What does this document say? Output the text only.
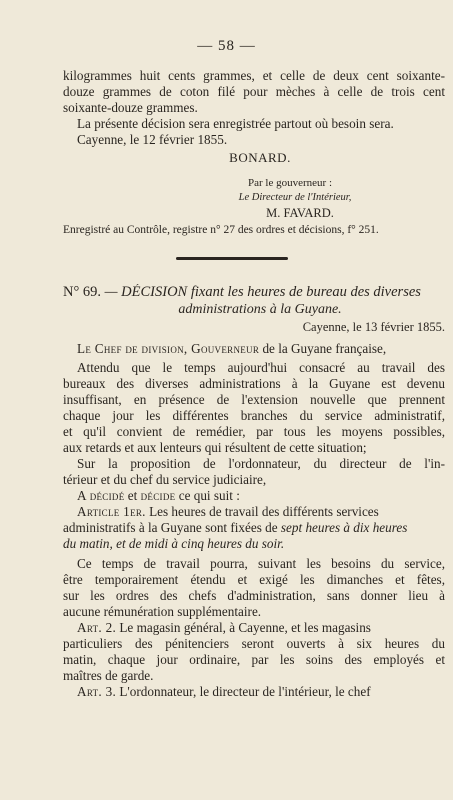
— 58 —
kilogrammes huit cents grammes, et celle de deux cent soixante-
douze grammes de coton filé pour mèches à celle de trois cent
soixante-douze grammes.
La présente décision sera enregistrée partout où besoin sera.
Cayenne, le 12 février 1855.
BONARD.
Par le gouverneur :
Le Directeur de l'Intérieur,
M. FAVARD.
Enregistré au Contrôle, registre n° 27 des ordres et décisions, f° 251.
N° 69. — DÉCISION fixant les heures de bureau des diverses
administrations à la Guyane.
Cayenne, le 13 février 1855.
Le Chef de division, Gouverneur de la Guyane française,
Attendu que le temps aujourd'hui consacré au travail des
bureaux des diverses administrations à la Guyane est devenu
insuffisant, en présence de l'extension nouvelle que prennent
chaque jour les différentes branches du service administratif,
et qu'il convient de remédier, par tous les moyens possibles,
aux retards et aux lenteurs qui résultent de cette situation;
Sur la proposition de l'ordonnateur, du directeur de l'in-
térieur et du chef du service judiciaire,
A décidé et décide ce qui suit :
Article 1er. Les heures de travail des différents services
administratifs à la Guyane sont fixées de sept heures à dix heures
du matin, et de midi à cinq heures du soir.
Ce temps de travail pourra, suivant les besoins du service,
être temporairement étendu et exigé les dimanches et fêtes,
sur les ordres des chefs d'administration, sans donner lieu à
aucune rémunération supplémentaire.
Art. 2. Le magasin général, à Cayenne, et les magasins
particuliers des pénitenciers seront ouverts à six heures du
matin, chaque jour ordinaire, par les soins des employés et
maîtres de garde.
Art. 3. L'ordonnateur, le directeur de l'intérieur, le chef
